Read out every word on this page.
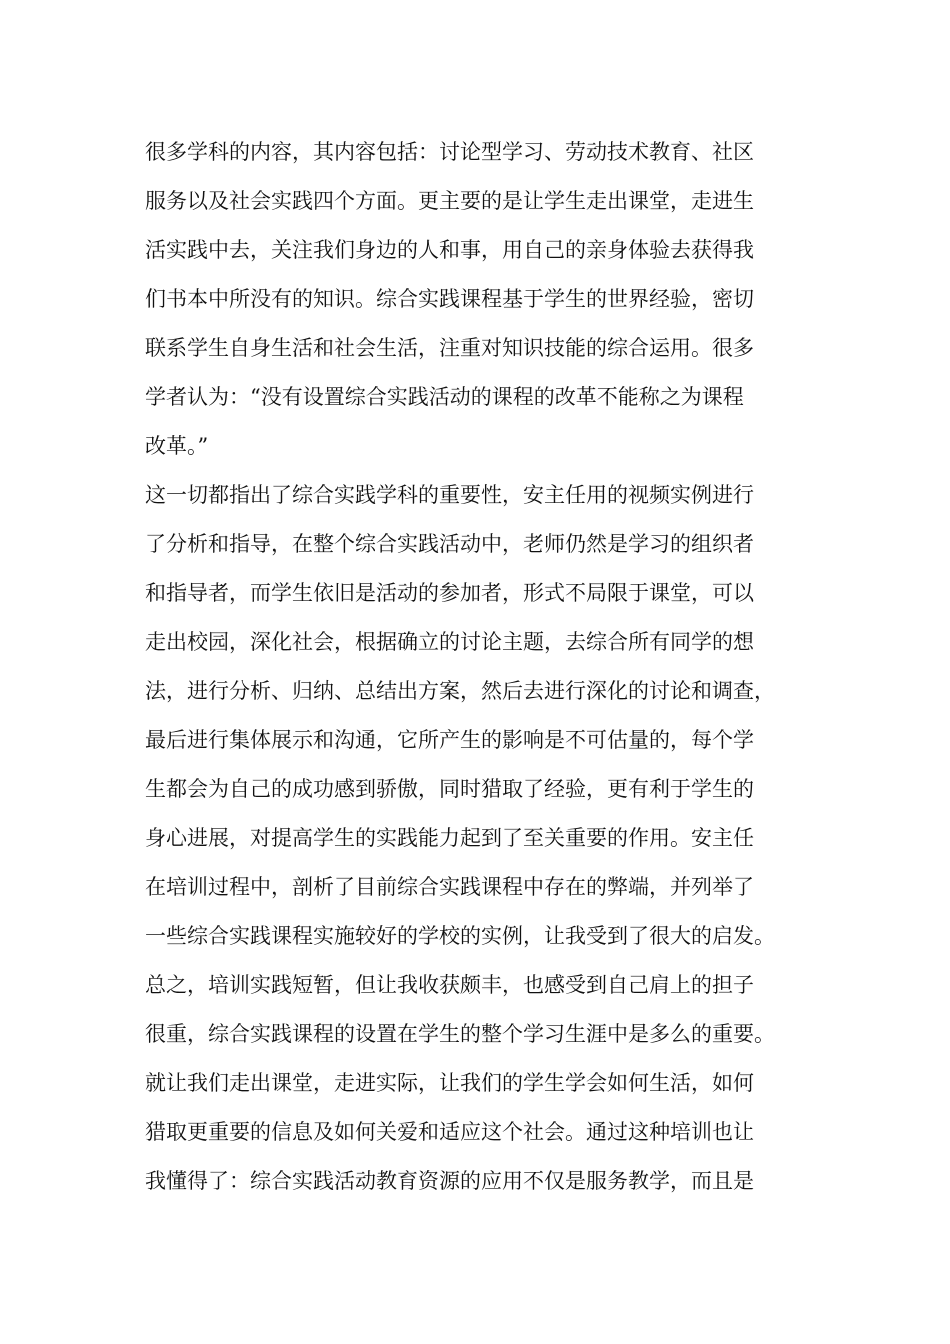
很多学科的内容，其内容包括：讨论型学习、劳动技术教育、社区
服务以及社会实践四个方面。更主要的是让学生走出课堂，走进生
活实践中去，关注我们身边的人和事，用自己的亲身体验去获得我
们书本中所没有的知识。综合实践课程基于学生的世界经验，密切
联系学生自身生活和社会生活，注重对知识技能的综合运用。很多
学者认为：“没有设置综合实践活动的课程的改革不能称之为课程
改革。”
这一切都指出了综合实践学科的重要性，安主任用的视频实例进行
了分析和指导，在整个综合实践活动中，老师仍然是学习的组织者
和指导者，而学生依旧是活动的参加者，形式不局限于课堂，可以
走出校园，深化社会，根据确立的讨论主题，去综合所有同学的想
法，进行分析、归纳、总结出方案，然后去进行深化的讨论和调查，
最后进行集体展示和沟通，它所产生的影响是不可估量的，每个学
生都会为自己的成功感到骄傲，同时猎取了经验，更有利于学生的
身心进展，对提高学生的实践能力起到了至关重要的作用。安主任
在培训过程中，剖析了目前综合实践课程中存在的弊端，并列举了
一些综合实践课程实施较好的学校的实例，让我受到了很大的启发。
总之，培训实践短暂，但让我收获颇丰，也感受到自己肩上的担子
很重，综合实践课程的设置在学生的整个学习生涯中是多么的重要。
就让我们走出课堂，走进实际，让我们的学生学会如何生活，如何
猎取更重要的信息及如何关爱和适应这个社会。通过这种培训也让
我懂得了：综合实践活动教育资源的应用不仅是服务教学，而且是
